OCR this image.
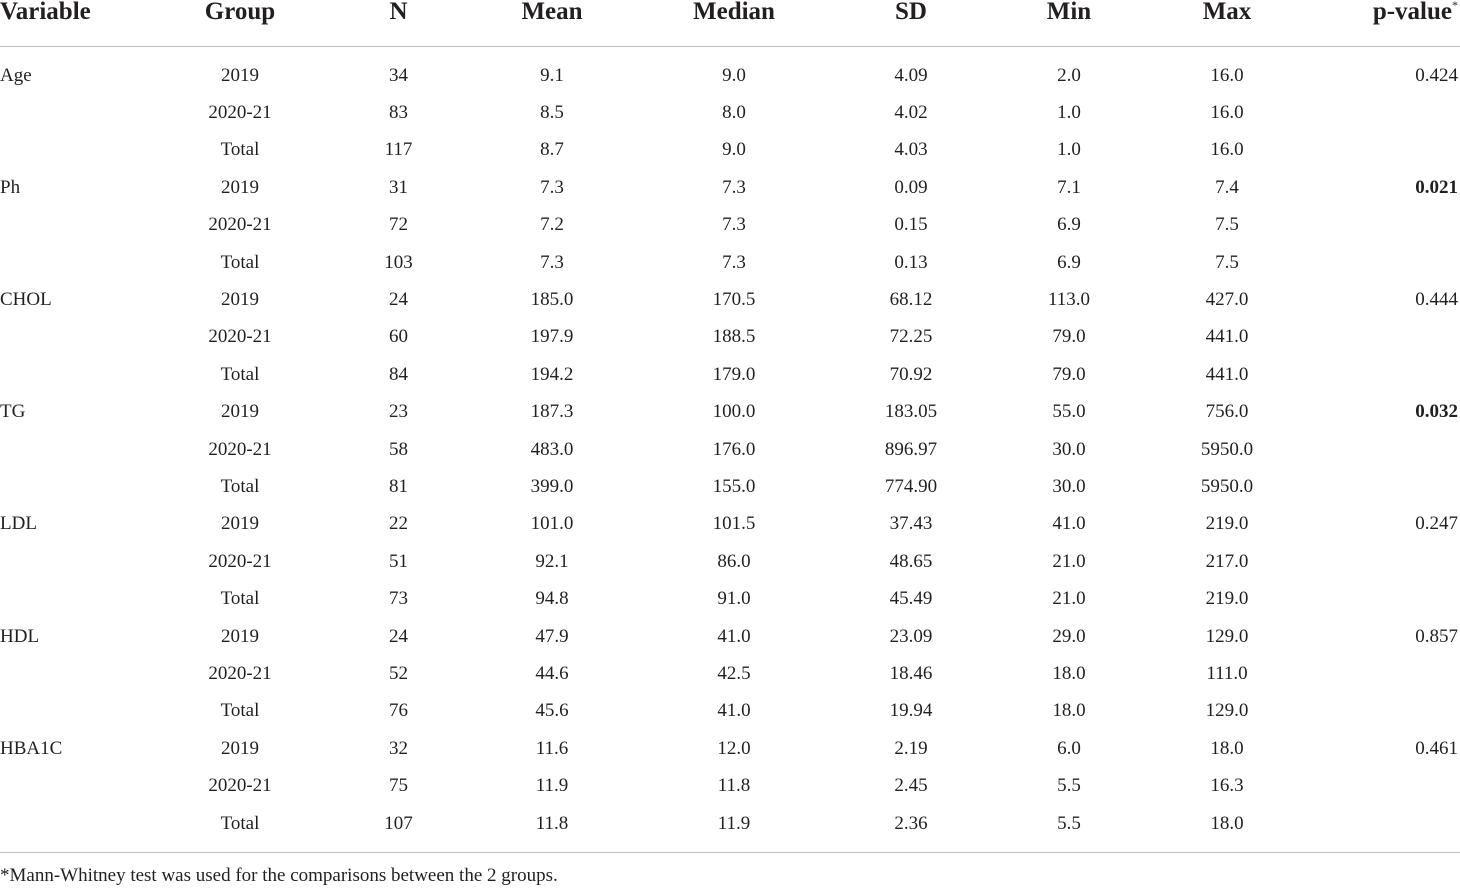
Variable	Group	N	Mean	Median	SD	Min	Max	p-value*
Age	2019	34	9.1	9.0	4.09	2.0	16.0	0.424
	2020-21	83	8.5	8.0	4.02	1.0	16.0	
	Total	117	8.7	9.0	4.03	1.0	16.0	
Ph	2019	31	7.3	7.3	0.09	7.1	7.4	0.021
	2020-21	72	7.2	7.3	0.15	6.9	7.5	
	Total	103	7.3	7.3	0.13	6.9	7.5	
CHOL	2019	24	185.0	170.5	68.12	113.0	427.0	0.444
	2020-21	60	197.9	188.5	72.25	79.0	441.0	
	Total	84	194.2	179.0	70.92	79.0	441.0	
TG	2019	23	187.3	100.0	183.05	55.0	756.0	0.032
	2020-21	58	483.0	176.0	896.97	30.0	5950.0	
	Total	81	399.0	155.0	774.90	30.0	5950.0	
LDL	2019	22	101.0	101.5	37.43	41.0	219.0	0.247
	2020-21	51	92.1	86.0	48.65	21.0	217.0	
	Total	73	94.8	91.0	45.49	21.0	219.0	
HDL	2019	24	47.9	41.0	23.09	29.0	129.0	0.857
	2020-21	52	44.6	42.5	18.46	18.0	111.0	
	Total	76	45.6	41.0	19.94	18.0	129.0	
HBA1C	2019	32	11.6	12.0	2.19	6.0	18.0	0.461
	2020-21	75	11.9	11.8	2.45	5.5	16.3	
	Total	107	11.8	11.9	2.36	5.5	18.0	
*Mann-Whitney test was used for the comparisons between the 2 groups.
